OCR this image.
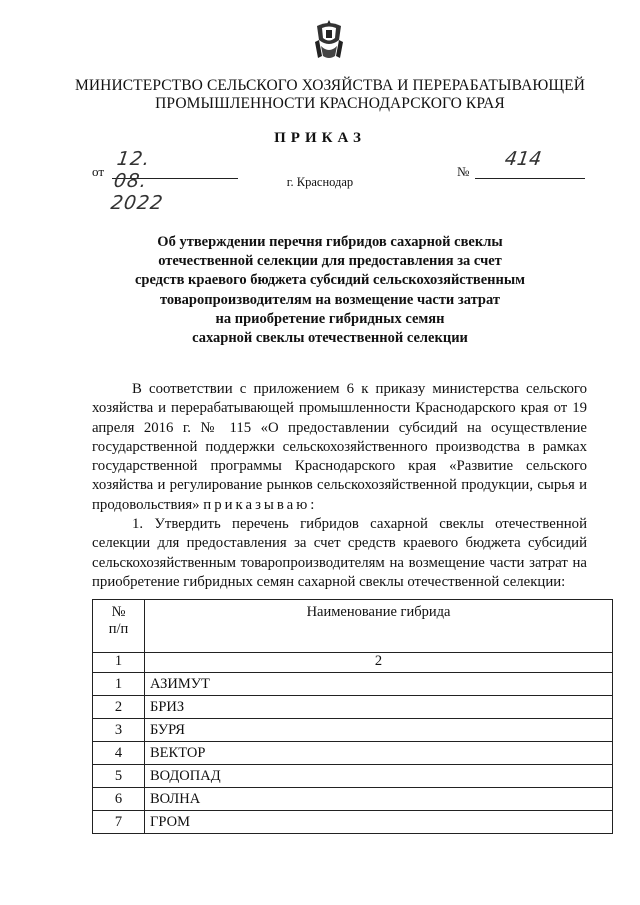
МИНИСТЕРСТВО СЕЛЬСКОГО ХОЗЯЙСТВА И ПЕРЕРАБАТЫВАЮЩЕЙ
ПРОМЫШЛЕННОСТИ КРАСНОДАРСКОГО КРАЯ
ПРИКАЗ
от
12. 08. 2022
№
414
г. Краснодар
Об утверждении перечня гибридов сахарной свеклы
отечественной селекции для предоставления за счет
средств краевого бюджета субсидий сельскохозяйственным
товаропроизводителям на возмещение части затрат
на приобретение гибридных семян
сахарной свеклы отечественной селекции

В соответствии с приложением 6 к приказу министерства сельского хозяйства и перерабатывающей промышленности Краснодарского края от 19 апреля 2016 г. № 115 «О предоставлении субсидий на осуществление государственной поддержки сельскохозяйственного производства в рамках государственной программы Краснодарского края «Развитие сельского хозяйства и регулирование рынков сельскохозяйственной продукции, сырья и продовольствия» приказываю:

1. Утвердить перечень гибридов сахарной свеклы отечественной селекции для предоставления за счет средств краевого бюджета субсидий сельскохозяйственным товаропроизводителям на возмещение части затрат на приобретение гибридных семян сахарной свеклы отечественной селекции:

№
п/п	Наименование гибрида
1	2
1	АЗИМУТ
2	БРИЗ
3	БУРЯ
4	ВЕКТОР
5	ВОДОПАД
6	ВОЛНА
7	ГРОМ
